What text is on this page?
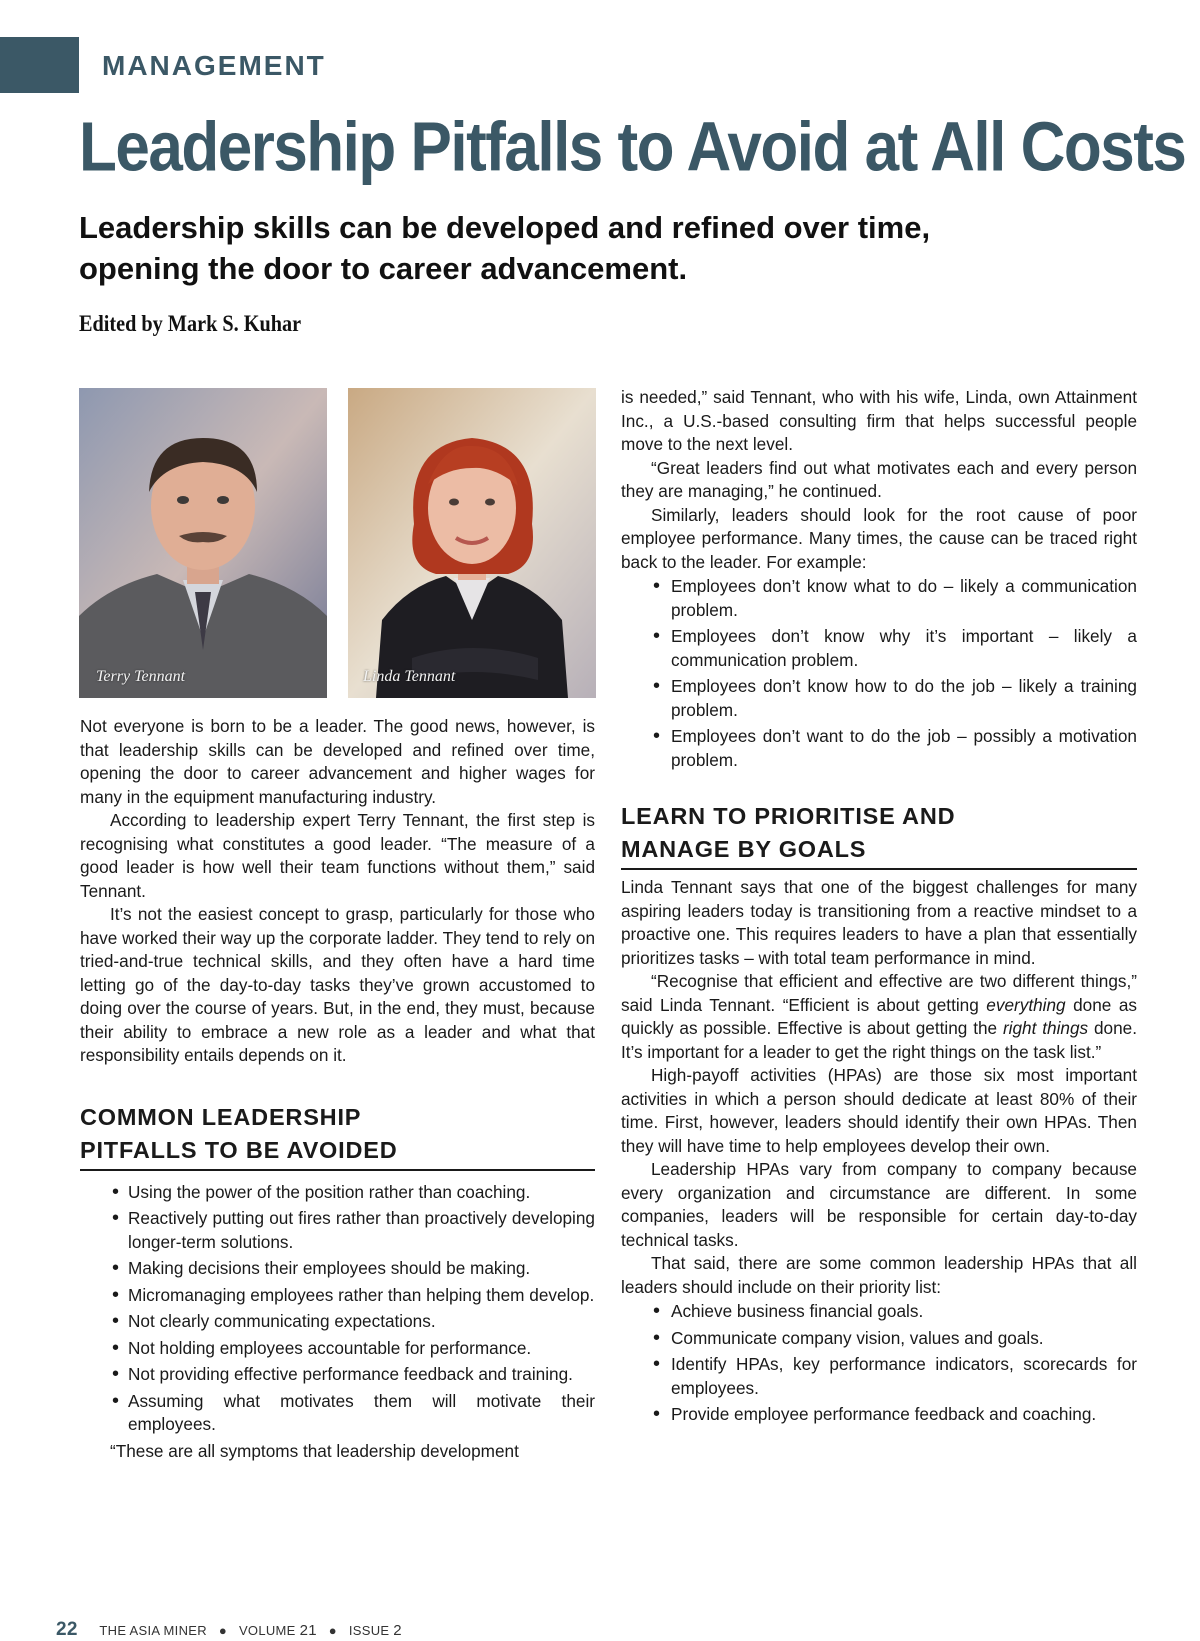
MANAGEMENT
Leadership Pitfalls to Avoid at All Costs
Leadership skills can be developed and refined over time,
opening the door to career advancement.
Edited by Mark S. Kuhar
Terry Tennant	Linda Tennant

Not everyone is born to be a leader. The good news, however, is that leadership skills can be developed and refined over time, opening the door to career advancement and higher wages for many in the equipment manufacturing industry.

According to leadership expert Terry Tennant, the first step is recognising what constitutes a good leader. “The measure of a good leader is how well their team functions without them,” said Tennant.

It’s not the easiest concept to grasp, particularly for those who have worked their way up the corporate ladder. They tend to rely on tried-and-true technical skills, and they often have a hard time letting go of the day-to-day tasks they’ve grown accustomed to doing over the course of years. But, in the end, they must, because their ability to embrace a new role as a leader and what that responsibility entails depends on it.

COMMON LEADERSHIP
PITFALLS TO BE AVOIDED
• Using the power of the position rather than coaching.
• Reactively putting out fires rather than proactively developing longer-term solutions.
• Making decisions their employees should be making.
• Micromanaging employees rather than helping them develop.
• Not clearly communicating expectations.
• Not holding employees accountable for performance.
• Not providing effective performance feedback and training.
• Assuming what motivates them will motivate their employees.

“These are all symptoms that leadership development

is needed,” said Tennant, who with his wife, Linda, own Attainment Inc., a U.S.-based consulting firm that helps successful people move to the next level.

“Great leaders find out what motivates each and every person they are managing,” he continued.

Similarly, leaders should look for the root cause of poor employee performance. Many times, the cause can be traced right back to the leader. For example:

• Employees don’t know what to do – likely a communication problem.
• Employees don’t know why it’s important – likely a communication problem.
• Employees don’t know how to do the job – likely a training problem.
• Employees don’t want to do the job – possibly a motivation problem.
LEARN TO PRIORITISE AND
MANAGE BY GOALS

Linda Tennant says that one of the biggest challenges for many aspiring leaders today is transitioning from a reactive mindset to a proactive one. This requires leaders to have a plan that essentially prioritizes tasks – with total team performance in mind.

“Recognise that efficient and effective are two different things,” said Linda Tennant. “Efficient is about getting everything done as quickly as possible. Effective is about getting the right things done. It’s important for a leader to get the right things on the task list.”

High-payoff activities (HPAs) are those six most important activities in which a person should dedicate at least 80% of their time. First, however, leaders should identify their own HPAs. Then they will have time to help employees develop their own.

Leadership HPAs vary from company to company because every organization and circumstance are different. In some companies, leaders will be responsible for certain day-to-day technical tasks.

That said, there are some common leadership HPAs that all leaders should include on their priority list:

• Achieve business financial goals.
• Communicate company vision, values and goals.
• Identify HPAs, key performance indicators, scorecards for employees.
• Provide employee performance feedback and coaching.
22 THE ASIA MINER ● VOLUME 21 ● ISSUE 2
